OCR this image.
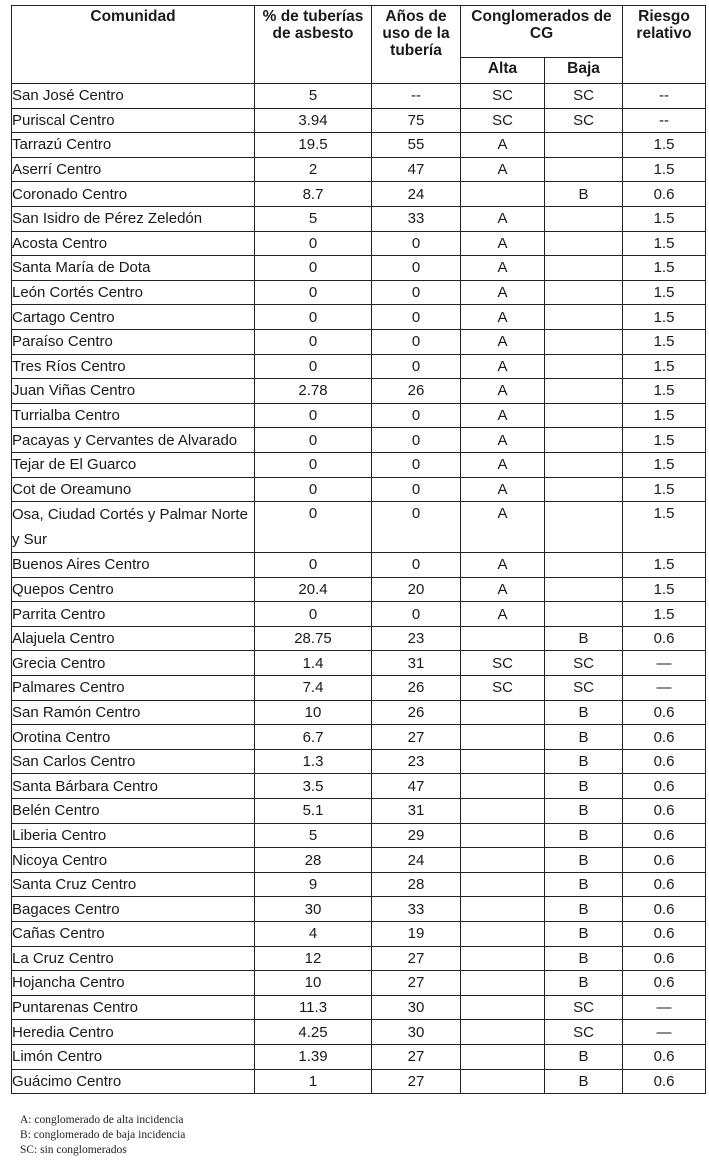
Comunidad	% de tuberías de asbesto	Años de uso de la tubería	Conglomerados de CG		Riesgo relativo
			Alta	Baja	
San José Centro	5	--	SC	SC	--
Puriscal Centro	3.94	75	SC	SC	--
Tarrazú Centro	19.5	55	A		1.5
Aserrí Centro	2	47	A		1.5
Coronado Centro	8.7	24		B	0.6
San Isidro de Pérez Zeledón	5	33	A		1.5
Acosta Centro	0	0	A		1.5
Santa María de Dota	0	0	A		1.5
León Cortés Centro	0	0	A		1.5
Cartago Centro	0	0	A		1.5
Paraíso Centro	0	0	A		1.5
Tres Ríos Centro	0	0	A		1.5
Juan Viñas Centro	2.78	26	A		1.5
Turrialba Centro	0	0	A		1.5
Pacayas y Cervantes de Alvarado	0	0	A		1.5
Tejar de El Guarco	0	0	A		1.5
Cot de Oreamuno	0	0	A		1.5
Osa, Ciudad Cortés y Palmar Norte y Sur	0	0	A		1.5
Buenos Aires Centro	0	0	A		1.5
Quepos Centro	20.4	20	A		1.5
Parrita Centro	0	0	A		1.5
Alajuela Centro	28.75	23		B	0.6
Grecia Centro	1.4	31	SC	SC	—
Palmares Centro	7.4	26	SC	SC	—
San Ramón Centro	10	26		B	0.6
Orotina Centro	6.7	27		B	0.6
San Carlos Centro	1.3	23		B	0.6
Santa Bárbara Centro	3.5	47		B	0.6
Belén Centro	5.1	31		B	0.6
Liberia Centro	5	29		B	0.6
Nicoya Centro	28	24		B	0.6
Santa Cruz Centro	9	28		B	0.6
Bagaces Centro	30	33		B	0.6
Cañas Centro	4	19		B	0.6
La Cruz Centro	12	27		B	0.6
Hojancha Centro	10	27		B	0.6
Puntarenas Centro	11.3	30		SC	—
Heredia Centro	4.25	30		SC	—
Limón Centro	1.39	27		B	0.6
Guácimo Centro	1	27		B	0.6
A: conglomerado de alta incidencia
B: conglomerado de baja incidencia
SC: sin conglomerados
